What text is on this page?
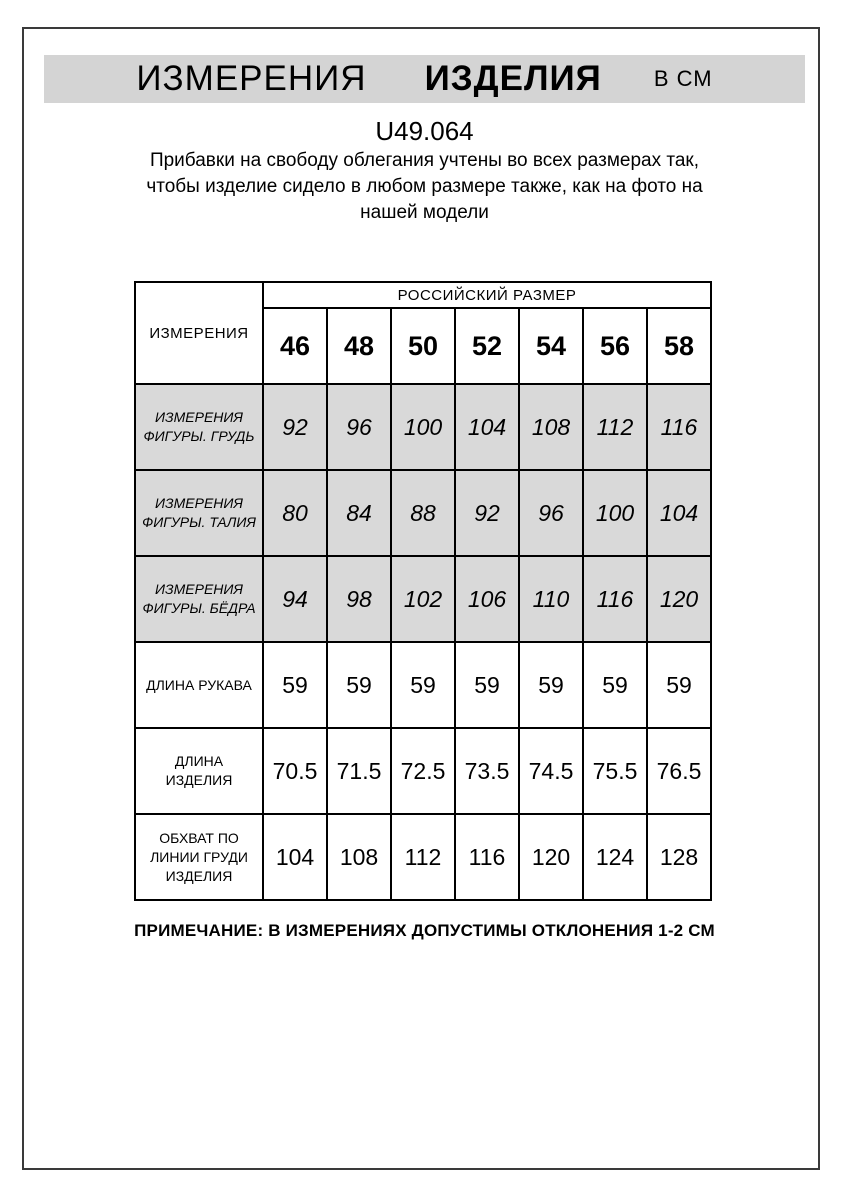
ИЗМЕРЕНИЯ ИЗДЕЛИЯ В СМ
U49.064
Прибавки на свободу облегания учтены во всех размерах так,
чтобы изделие сидело в любом размере также, как на фото на
нашей модели
ИЗМЕРЕНИЯ	РОССИЙСКИЙ РАЗМЕР						
	46	48	50	52	54	56	58

ИЗМЕРЕНИЯ
ФИГУРЫ. ГРУДЬ	92	96	100	104	108	112	116

ИЗМЕРЕНИЯ
ФИГУРЫ. ТАЛИЯ	80	84	88	92	96	100	104

ИЗМЕРЕНИЯ
ФИГУРЫ. БЁДРА	94	98	102	106	110	116	120

ДЛИНА РУКАВА	59	59	59	59	59	59	59

ДЛИНА ИЗДЕЛИЯ	70.5	71.5	72.5	73.5	74.5	75.5	76.5

ОБХВАТ ПО
ЛИНИИ ГРУДИ
ИЗДЕЛИЯ	104	108	112	116	120	124	128
ПРИМЕЧАНИЕ: В ИЗМЕРЕНИЯХ ДОПУСТИМЫ ОТКЛОНЕНИЯ 1-2 СМ
